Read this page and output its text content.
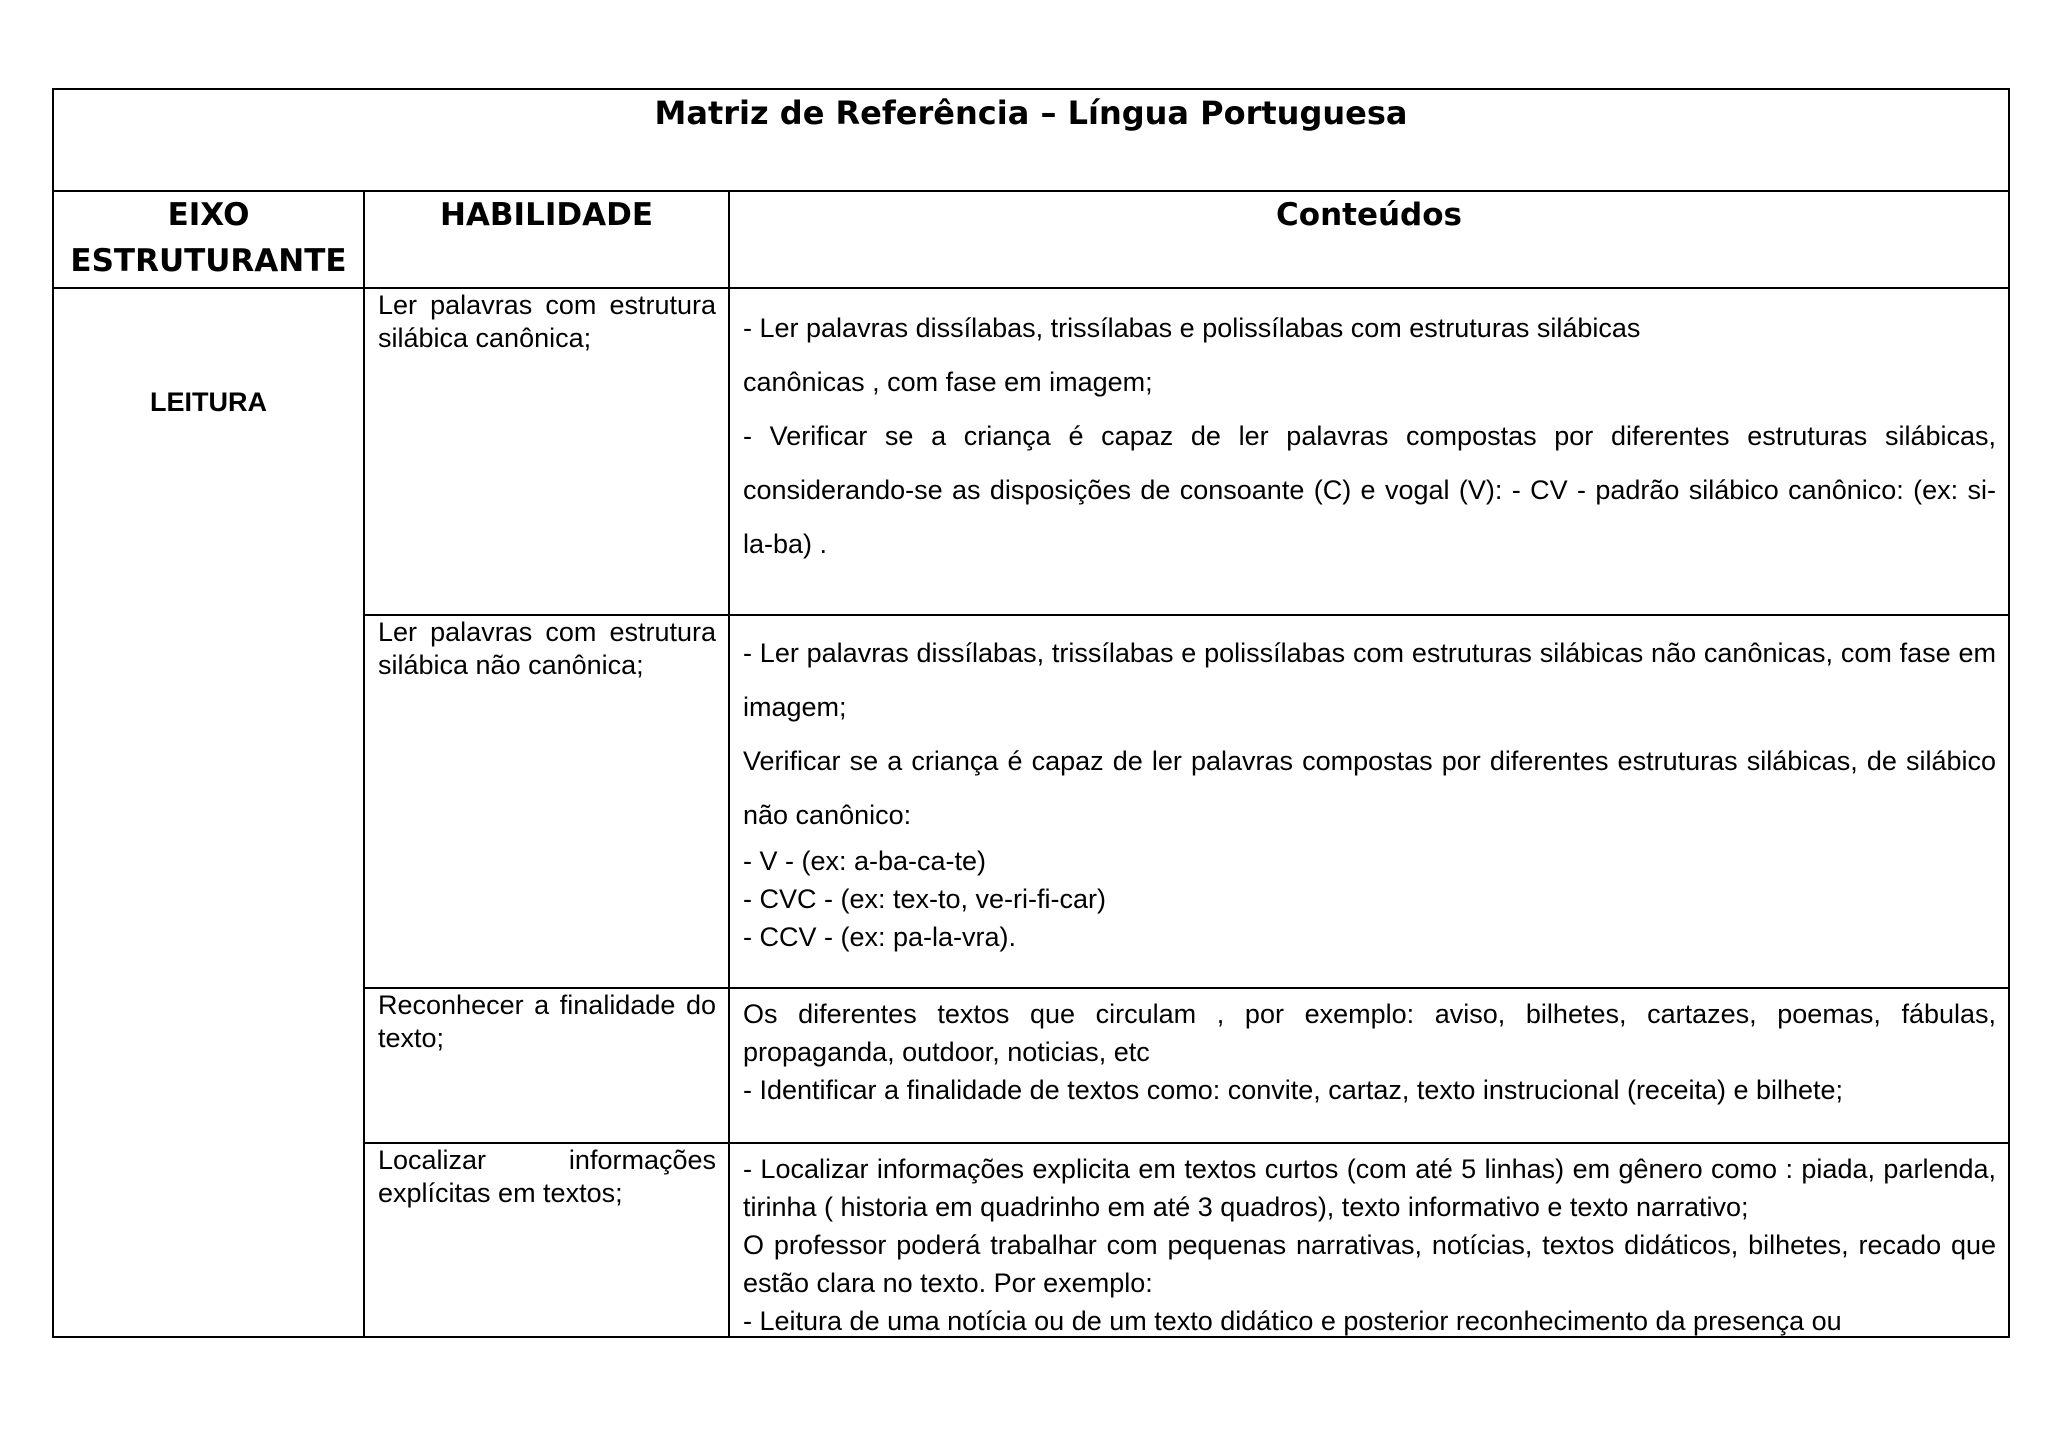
Matriz de Referência – Língua Portuguesa		
EIXO
ESTRUTURANTE	HABILIDADE	Conteúdos
LEITURA	Ler palavras com estrutura silábica canônica;	- Ler palavras dissílabas, trissílabas e polissílabas com estruturas silábicas

canônicas , com fase em imagem;

- Verificar se a criança é capaz de ler palavras compostas por diferentes estruturas silábicas, considerando-se as disposições de consoante (C) e vogal (V): - CV - padrão silábico canônico: (ex: si-la-ba) .

	Ler palavras com estrutura silábica não canônica;	- Ler palavras dissílabas, trissílabas e polissílabas com estruturas silábicas não canônicas, com fase em imagem;

Verificar se a criança é capaz de ler palavras compostas por diferentes estruturas silábicas, de silábico não canônico:

- V - (ex: a-ba-ca-te)

- CVC - (ex: tex-to, ve-ri-fi-car)

- CCV - (ex: pa-la-vra).

	Reconhecer a finalidade do texto;	Os diferentes textos que circulam , por exemplo: aviso, bilhetes, cartazes, poemas, fábulas, propaganda, outdoor, noticias, etc

- Identificar a finalidade de textos como: convite, cartaz, texto instrucional (receita) e bilhete;

	Localizar informações explícitas em textos;	- Localizar informações explicita em textos curtos (com até 5 linhas) em gênero como : piada, parlenda, tirinha ( historia em quadrinho em até 3 quadros), texto informativo e texto narrativo;

O professor poderá trabalhar com pequenas narrativas, notícias, textos didáticos, bilhetes, recado que estão clara no texto. Por exemplo:

- Leitura de uma notícia ou de um texto didático e posterior reconhecimento da presença ou
